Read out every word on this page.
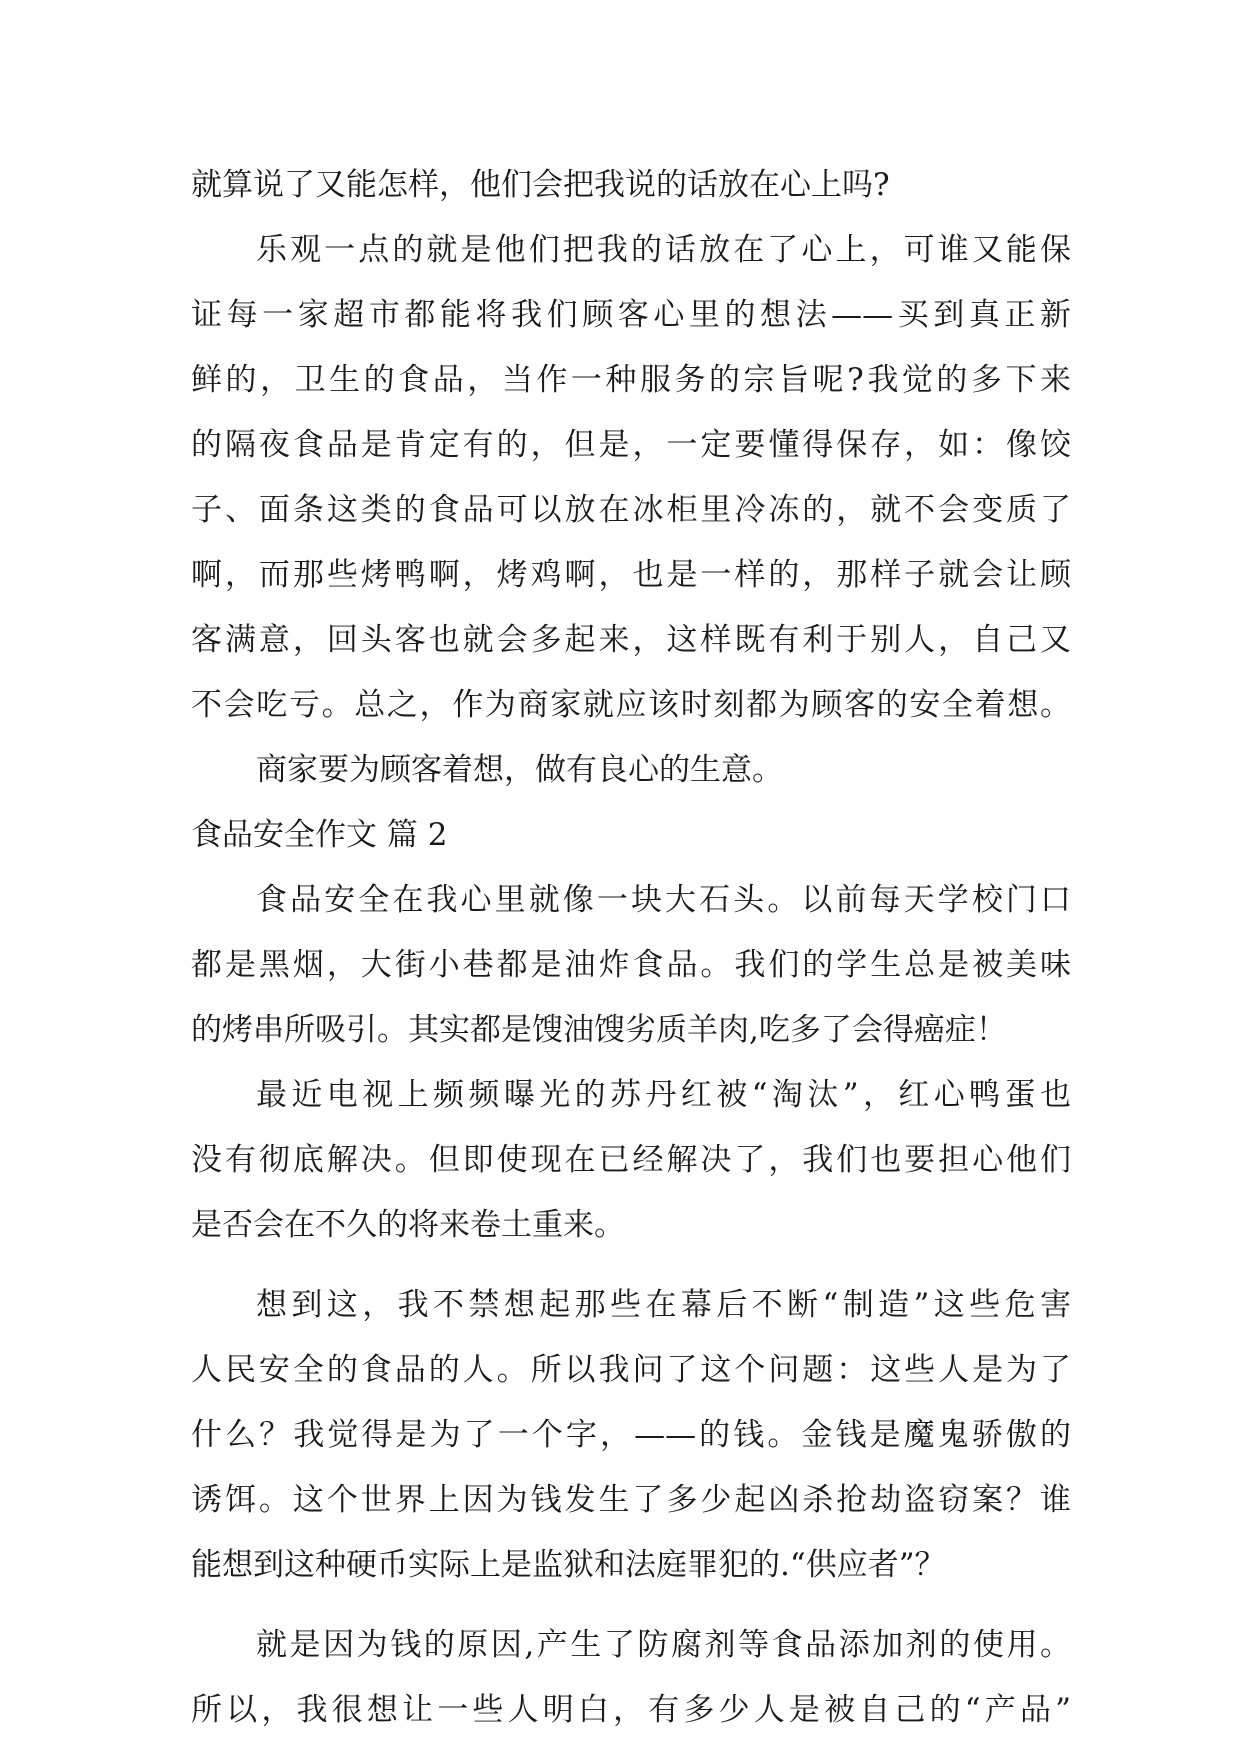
就算说了又能怎样，他们会把我说的话放在心上吗?
乐观一点的就是他们把我的话放在了心上，可谁又能保
证每一家超市都能将我们顾客心里的想法——买到真正新
鲜的，卫生的食品，当作一种服务的宗旨呢?我觉的多下来
的隔夜食品是肯定有的，但是，一定要懂得保存，如：像饺
子、面条这类的食品可以放在冰柜里冷冻的，就不会变质了
啊，而那些烤鸭啊，烤鸡啊，也是一样的，那样子就会让顾
客满意，回头客也就会多起来，这样既有利于别人，自己又
不会吃亏。总之，作为商家就应该时刻都为顾客的安全着想。
商家要为顾客着想，做有良心的生意。
食品安全作文 篇 2
食品安全在我心里就像一块大石头。以前每天学校门口
都是黑烟，大街小巷都是油炸食品。我们的学生总是被美味
的烤串所吸引。其实都是馊油馊劣质羊肉,吃多了会得癌症！
最近电视上频频曝光的苏丹红被“淘汰”，红心鸭蛋也
没有彻底解决。但即使现在已经解决了，我们也要担心他们
是否会在不久的将来卷土重来。
想到这，我不禁想起那些在幕后不断“制造”这些危害
人民安全的食品的人。所以我问了这个问题：这些人是为了
什么？我觉得是为了一个字，——的钱。金钱是魔鬼骄傲的
诱饵。这个世界上因为钱发生了多少起凶杀抢劫盗窃案？谁
能想到这种硬币实际上是监狱和法庭罪犯的.“供应者”？
就是因为钱的原因,产生了防腐剂等食品添加剂的使用。
所以，我很想让一些人明白，有多少人是被自己的“产品”
